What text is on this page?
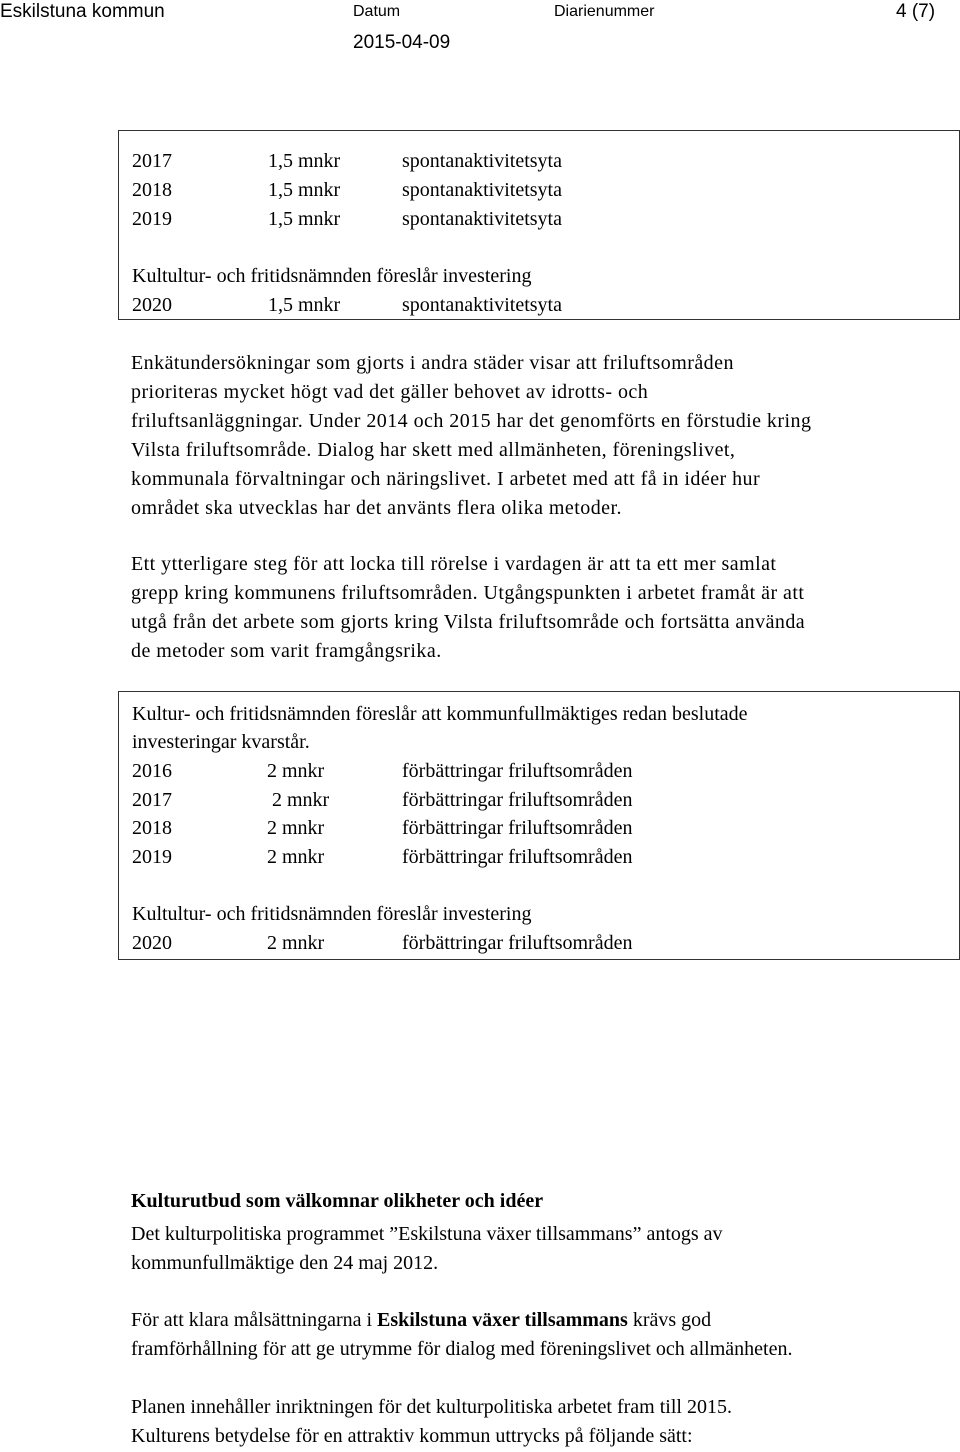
Eskilstuna kommun	Datum
2015-04-09
Diarienummer	4 (7)
2017	1,5 mnkr	spontanaktivitetsyta
2018	1,5 mnkr	spontanaktivitetsyta
2019	1,5 mnkr	spontanaktivitetsyta
Kultultur- och fritidsnämnden föreslår investering
2020	1,5 mnkr	spontanaktivitetsyta
Enkätundersökningar som gjorts i andra städer visar att friluftsområden
prioriteras mycket högt vad det gäller behovet av idrotts- och
friluftsanläggningar. Under 2014 och 2015 har det genomförts en förstudie kring
Vilsta friluftsområde. Dialog har skett med allmänheten, föreningslivet,
kommunala förvaltningar och näringslivet. I arbetet med att få in idéer hur
området ska utvecklas har det använts flera olika metoder.
Ett ytterligare steg för att locka till rörelse i vardagen är att ta ett mer samlat
grepp kring kommunens friluftsområden. Utgångspunkten i arbetet framåt är att
utgå från det arbete som gjorts kring Vilsta friluftsområde och fortsätta använda
de metoder som varit framgångsrika.
Kultur- och fritidsnämnden föreslår att kommunfullmäktiges redan beslutade
investeringar kvarstår.
2016	2 mnkr	förbättringar friluftsområden
2017	2 mnkr	förbättringar friluftsområden
2018	2 mnkr	förbättringar friluftsområden
2019	2 mnkr	förbättringar friluftsområden
Kultultur- och fritidsnämnden föreslår investering
2020	2 mnkr	förbättringar friluftsområden
Kulturutbud som välkomnar olikheter och idéer
Det kulturpolitiska programmet ”Eskilstuna växer tillsammans” antogs av
kommunfullmäktige den 24 maj 2012.
För att klara målsättningarna i Eskilstuna växer tillsammans krävs god
framförhållning för att ge utrymme för dialog med föreningslivet och allmänheten.
Planen innehåller inriktningen för det kulturpolitiska arbetet fram till 2015.
Kulturens betydelse för en attraktiv kommun uttrycks på följande sätt:
